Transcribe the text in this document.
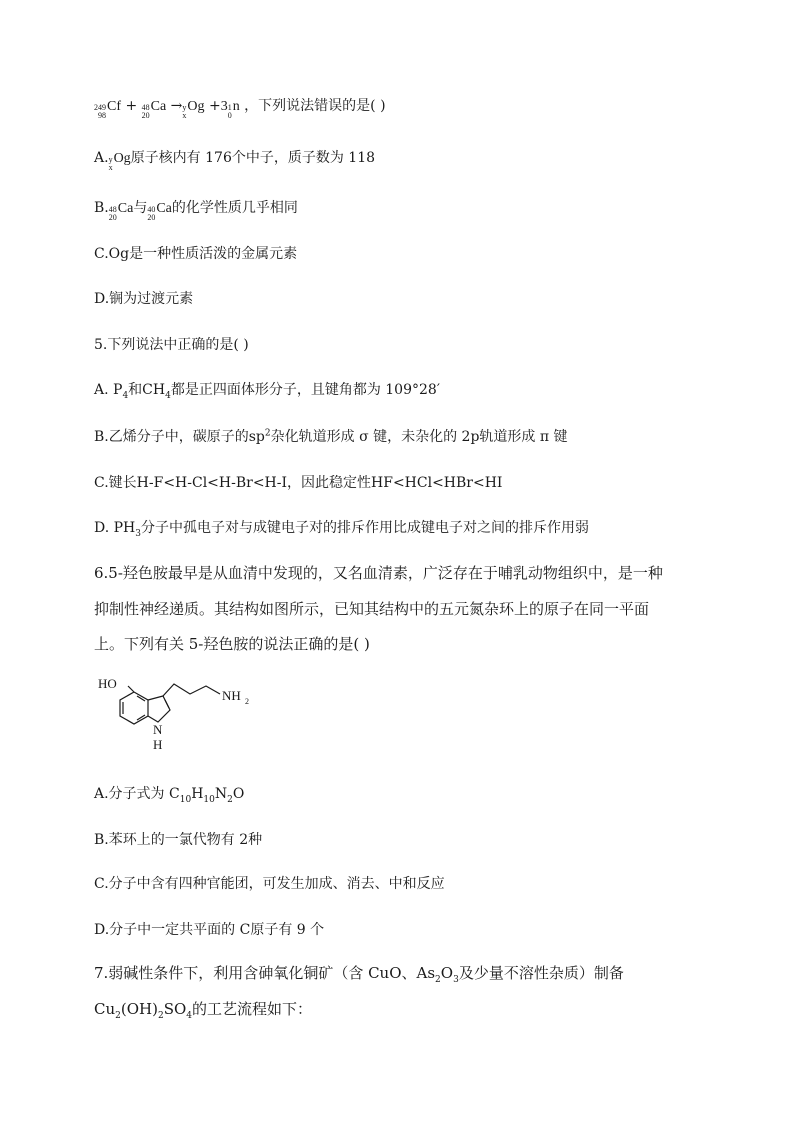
249
98
Cf + 48
20
Ca → y
x
Og + 3 1
0
n ，下列说法错误的是( )
A. y
x
Og 原子核内有 176个中子，质子数为 118
B. 48
20
Ca 与 40
20
Ca 的化学性质几乎相同
C.Og是一种性质活泼的金属元素
D.锎为过渡元素
5.下列说法中正确的是( )
A. $P_4$和$CH_4$都是正四面体形分子，且键角都为 109°28′
B.乙烯分子中，碳原子的$sp^2$杂化轨道形成 σ 键，未杂化的 2p轨道形成 π 键
C.键长H-F<H-Cl<H-Br<H-I，因此稳定性HF<HCl<HBr<HI
D. $PH_3$分子中孤电子对与成键电子对的排斥作用比成键电子对之间的排斥作用弱
6.5-羟色胺最早是从血清中发现的，又名血清素，广泛存在于哺乳动物组织中，是一种
抑制性神经递质。其结构如图所示，已知其结构中的五元氮杂环上的原子在同一平面
上。下列有关 5-羟色胺的说法正确的是( )
HO
NH 2
N
H
A.分子式为 $C_{10}H_{10}N_2O$
B.苯环上的一氯代物有 2种
C.分子中含有四种官能团，可发生加成、消去、中和反应
D.分子中一定共平面的 C原子有 9 个
7.弱碱性条件下，利用含砷氧化铜矿（含 CuO、$As_2O_3$及少量不溶性杂质）制备
$Cu_2(OH)_2SO_4$的工艺流程如下：
